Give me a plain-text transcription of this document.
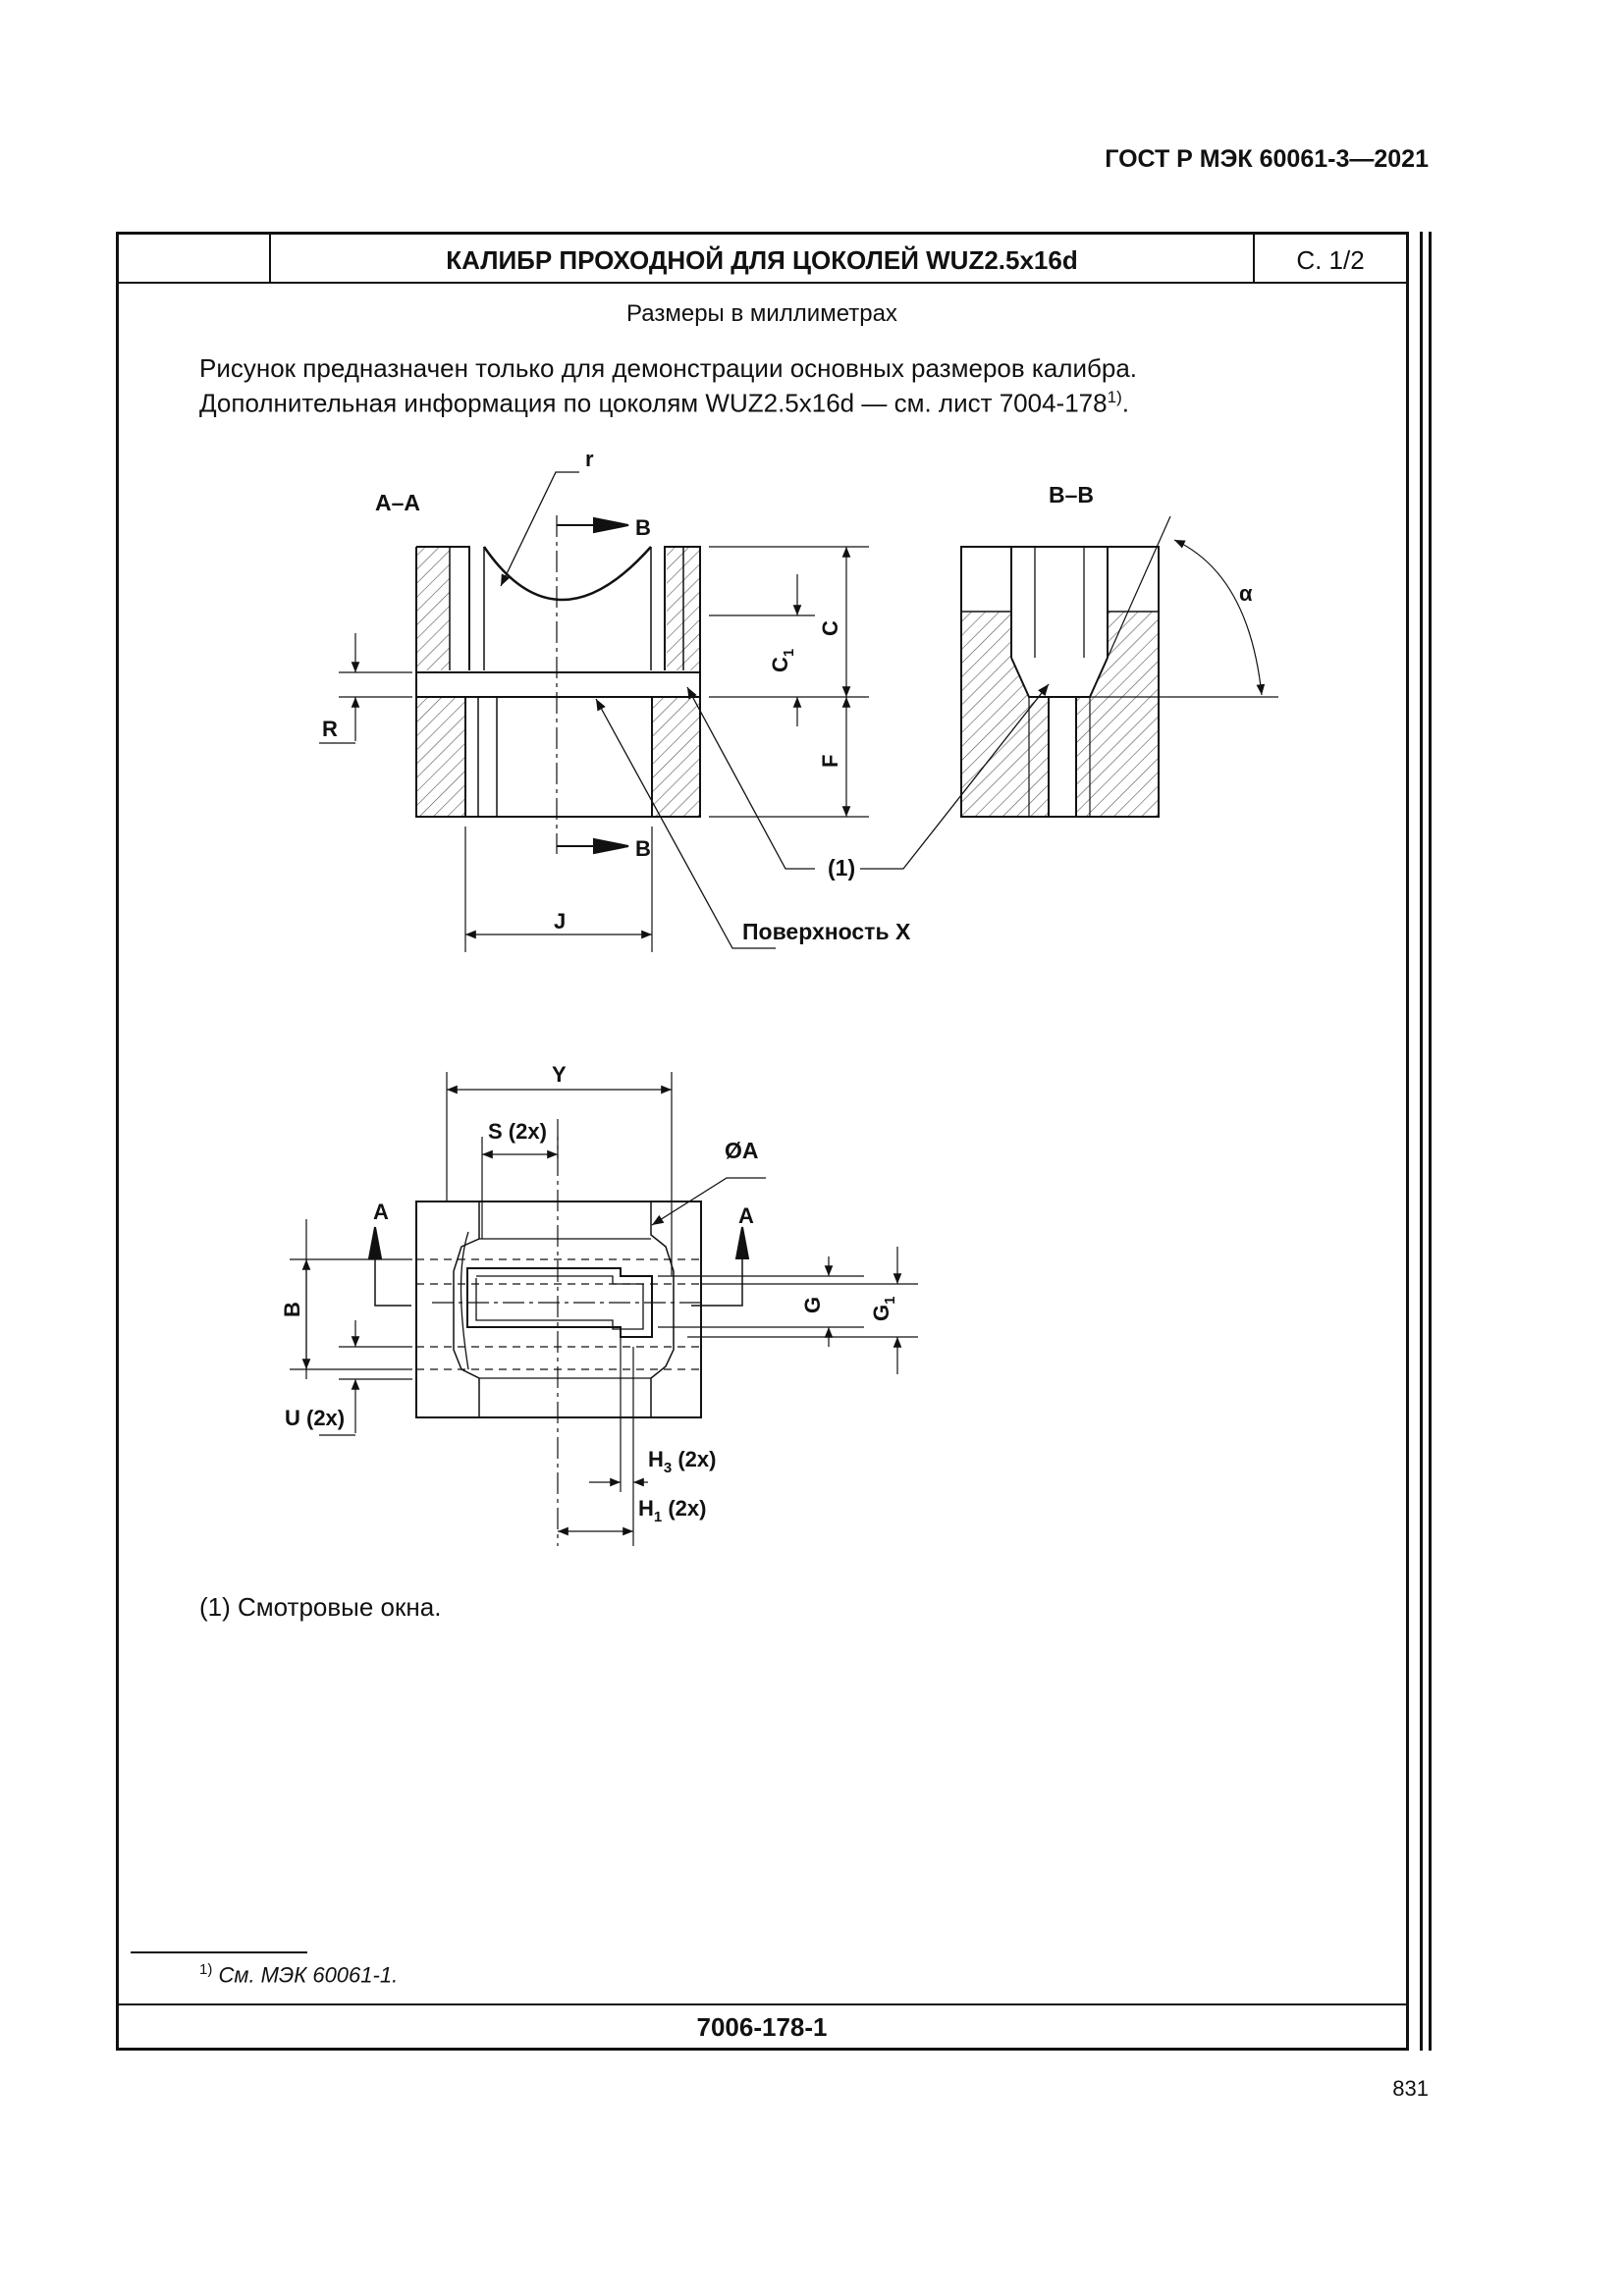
ГОСТ Р МЭК 60061-3—2021
КАЛИБР ПРОХОДНОЙ ДЛЯ ЦОКОЛЕЙ WUZ2.5x16d	С. 1/2
Размеры в миллиметрах
Рисунок предназначен только для демонстрации основных размеров калибра.
Дополнительная информация по цоколям WUZ2.5x16d — см. лист 7004-178$^{1)}$.
А–А	В–В
r
B
B
C
$C_1$
F
R
J
α
(1)
Поверхность X
Y
S (2x)
ØA
A	A
B	G $G_1$
U (2x)
$H_3$ (2x)
$H_1$ (2x)
(1) Смотровые окна.
$^{1)}$ См. МЭК 60061-1.
7006-178-1
831
